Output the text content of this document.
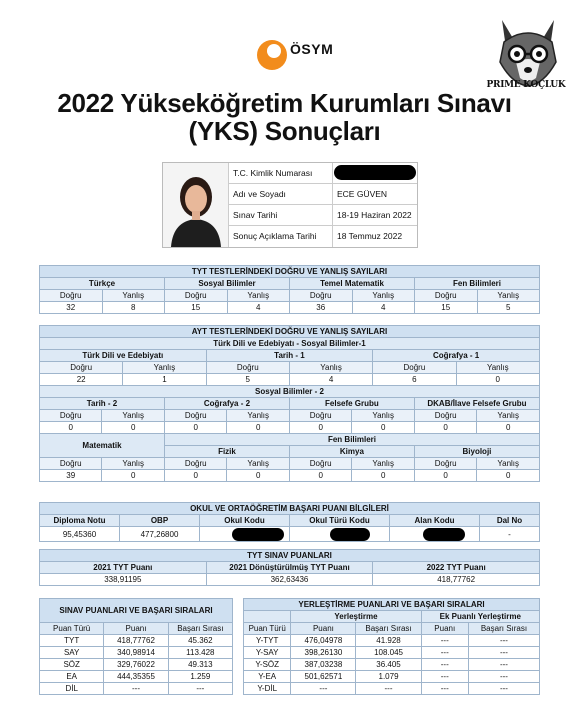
ÖSYM
PRIME KOÇLUK
2022 Yükseköğretim Kurumları Sınavı
(YKS) Sonuçları
T.C. Kimlik Numarası
Adı ve Soyadı	ECE GÜVEN
Sınav Tarihi	18-19 Haziran 2022
Sonuç Açıklama Tarihi	18 Temmuz 2022
TYT TESTLERİNDEKİ DOĞRU VE YANLIŞ SAYILARI							
Türkçe		Sosyal Bilimler		Temel Matematik		Fen Bilimleri	
Doğru	Yanlış	Doğru	Yanlış	Doğru	Yanlış	Doğru	Yanlış
32	8	15	4	36	4	15	5
AYT TESTLERİNDEKİ DOĞRU VE YANLIŞ SAYILARI											
Türk Dili ve Edebiyatı - Sosyal Bilimler-1											
Türk Dili ve Edebiyatı				Tarih - 1				Coğrafya - 1			
Doğru		Yanlış		Doğru		Yanlış		Doğru		Yanlış	
22		1		5		4		6		0	
Sosyal Bilimler - 2											
Tarih - 2			Coğrafya - 2			Felsefe Grubu			DKAB/İlave Felsefe Grubu		
Doğru	Yanlış		Doğru		Yanlış	Doğru	Yanlış		Doğru		Yanlış
0	0		0		0	0	0		0		0
Matematik			Fen Bilimleri								
			Fizik			Kimya			Biyoloji		
Doğru	Yanlış		Doğru		Yanlış	Doğru	Yanlış		Doğru		Yanlış
39	0		0		0	0	0		0		0
OKUL VE ORTAÖĞRETİM BAŞARI PUANI BİLGİLERİ					
Diploma Notu	OBP	Okul Kodu	Okul Türü Kodu	Alan Kodu	Dal No
95,45360	477,26800				-
TYT SINAV PUANLARI		
2021 TYT Puanı	2021 Dönüştürülmüş TYT Puanı	2022 TYT Puanı
338,91195	362,63436	418,77762
SINAV PUANLARI VE BAŞARI SIRALARI		
Puan Türü	Puanı	Başarı Sırası
TYT	418,77762	45.362
SAY	340,98914	113.428
SÖZ	329,76022	49.313
EA	444,35355	1.259
DİL	---	---
YERLEŞTİRME PUANLARI VE BAŞARI SIRALARI				
	Yerleştirme		Ek Puanlı Yerleştirme	
Puan Türü	Puanı	Başarı Sırası	Puanı	Başarı Sırası
Y-TYT	476,04978	41.928	---	---
Y-SAY	398,26130	108.045	---	---
Y-SÖZ	387,03238	36.405	---	---
Y-EA	501,62571	1.079	---	---
Y-DİL	---	---	---	---
